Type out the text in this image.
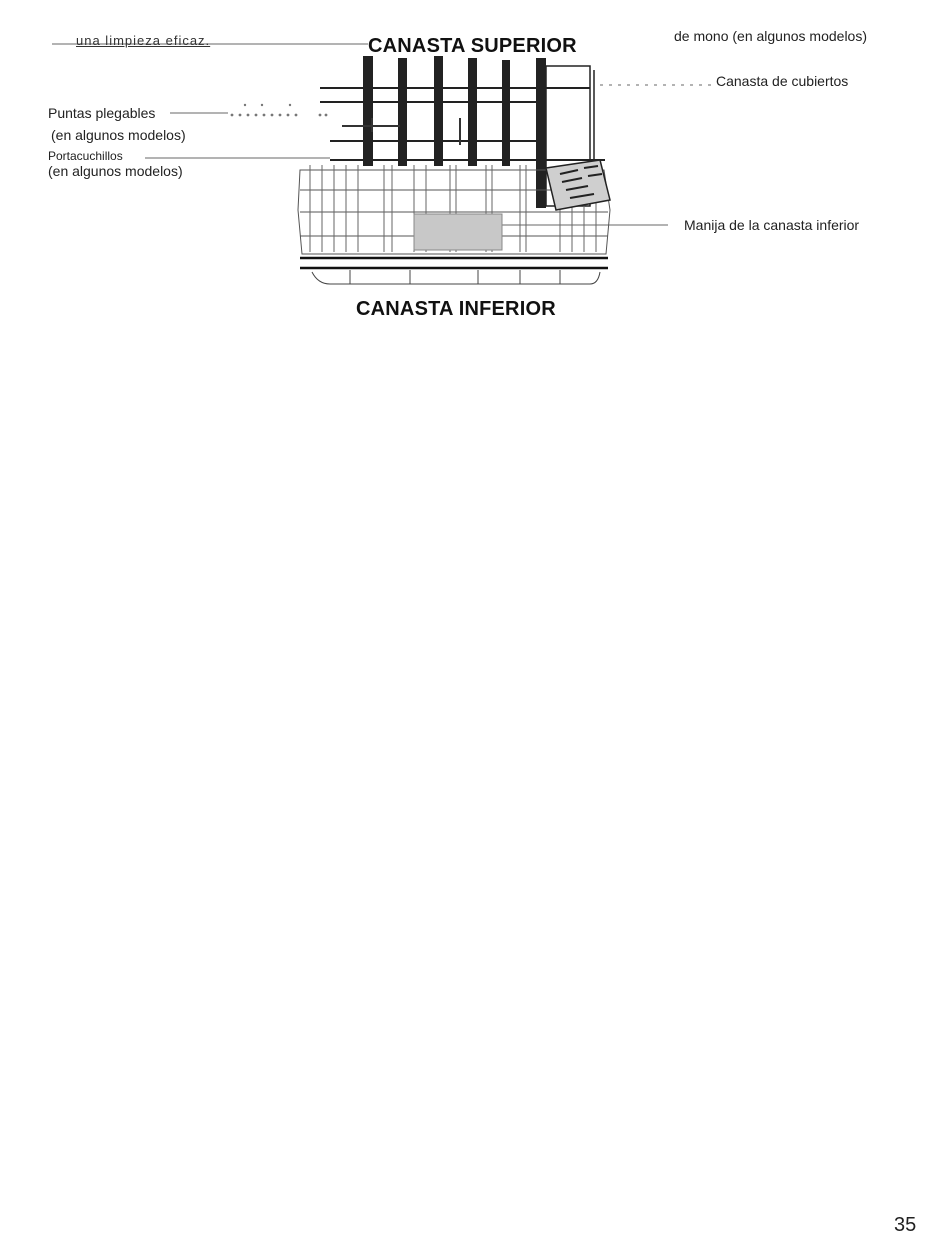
una limpieza eficaz.	CANASTA SUPERIOR	de mono (en algunos modelos)
Puntas plegables
(en algunos modelos)
Portacuchillos
(en algunos modelos)
Canasta de cubiertos
Manija de la canasta inferior
CANASTA INFERIOR
35
